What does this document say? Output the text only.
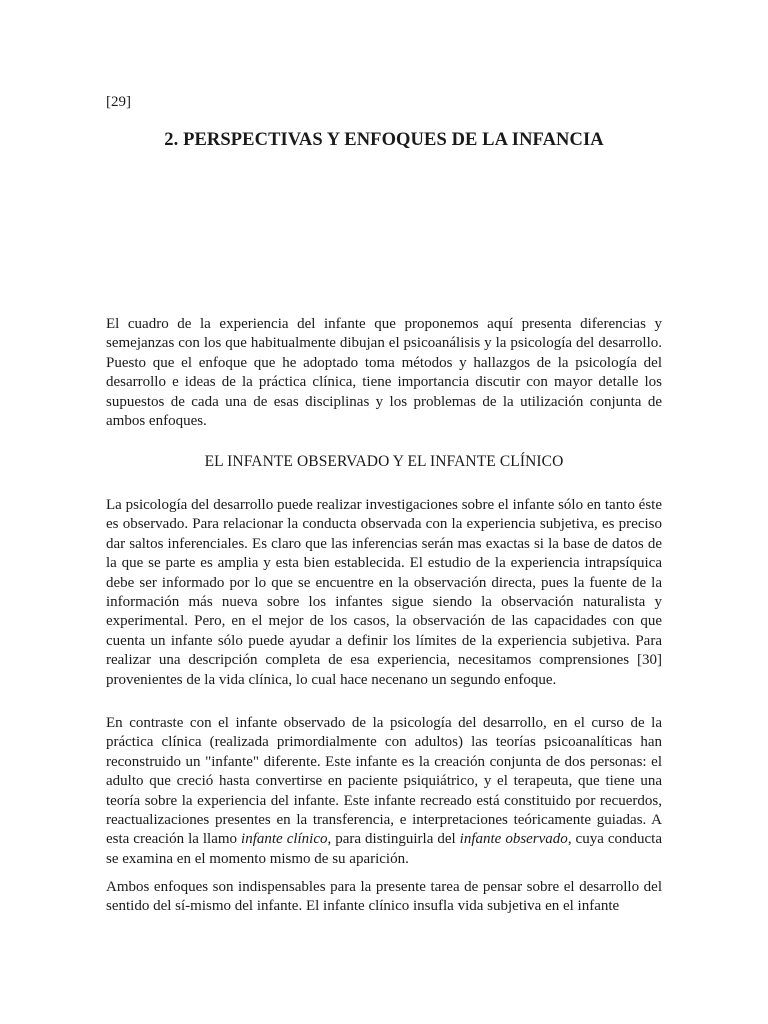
[29]
2. PERSPECTIVAS Y ENFOQUES DE LA INFANCIA

El cuadro de la experiencia del infante que proponemos aquí presenta diferencias y semejanzas con los que habitualmente dibujan el psicoanálisis y la psicología del desarrollo. Puesto que el enfoque que he adoptado toma métodos y hallazgos de la psicología del desarrollo e ideas de la práctica clínica, tiene importancia discutir con mayor detalle los supuestos de cada una de esas disciplinas y los problemas de la utilización conjunta de ambos enfoques.

EL INFANTE OBSERVADO Y EL INFANTE CLÍNICO

La psicología del desarrollo puede realizar investigaciones sobre el infante sólo en tanto éste es observado. Para relacionar la conducta observada con la experiencia subjetiva, es preciso dar saltos inferenciales. Es claro que las inferencias serán mas exactas si la base de datos de la que se parte es amplia y esta bien establecida. El estudio de la experiencia intrapsíquica debe ser informado por lo que se encuentre en la observación directa, pues la fuente de la información más nueva sobre los infantes sigue siendo la observación naturalista y experimental. Pero, en el mejor de los casos, la observación de las capacidades con que cuenta un infante sólo puede ayudar a definir los límites de la experiencia subjetiva. Para realizar una descripción completa de esa experiencia, necesitamos comprensiones [30] provenientes de la vida clínica, lo cual hace necenano un segundo enfoque.

En contraste con el infante observado de la psicología del desarrollo, en el curso de la práctica clínica (realizada primordialmente con adultos) las teorías psicoanalíticas han reconstruido un "infante" diferente. Este infante es la creación conjunta de dos personas: el adulto que creció hasta convertirse en paciente psiquiátrico, y el terapeuta, que tiene una teoría sobre la experiencia del infante. Este infante recreado está constituido por recuerdos, reactualizaciones presentes en la transferencia, e interpretaciones teóricamente guiadas. A esta creación la llamo infante clínico, para distinguirla del infante observado, cuya conducta se examina en el momento mismo de su aparición.

Ambos enfoques son indispensables para la presente tarea de pensar sobre el desarrollo del sentido del sí-mismo del infante. El infante clínico insufla vida subjetiva en el infante
